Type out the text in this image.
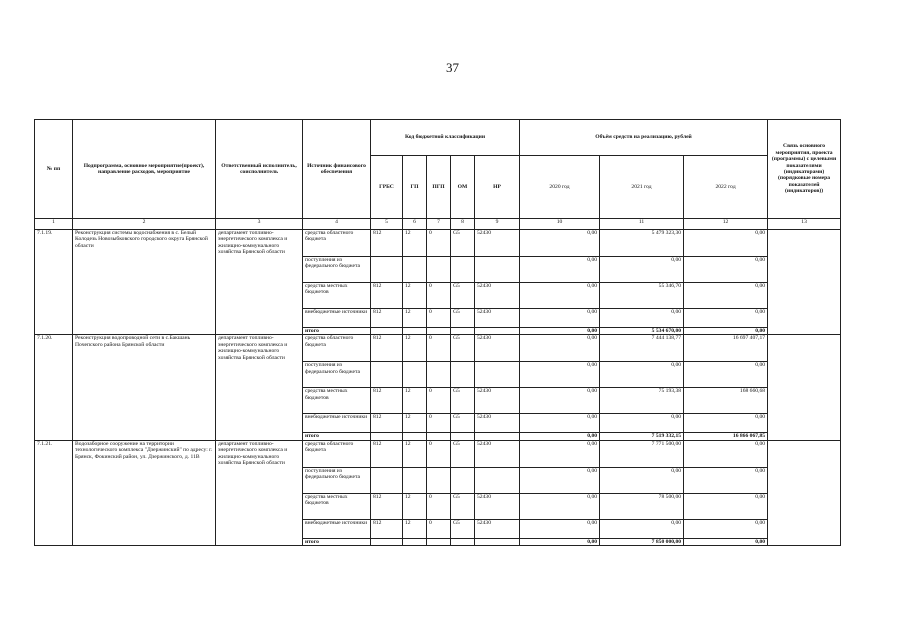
37
№ пп	Подпрограмма, основное мероприятие(проект), направление расходов, мероприятие	Ответственный исполнитель, соисполнитель	Источник финансового обеспечения	Код бюджетной классификации					Объём средств на реализацию, рублей			Связь основного мероприятия, проекта (программы) с целевыми показателями (индикаторами) (порядковые номера показателей (индикаторов))
				ГРБС	ГП	ПГП	ОМ	НР	2020 год	2021 год	2022 год	
1	2	3	4	5	6	7	8	9	10	11	12	13
7.1.19.	Реконструкция системы водоснабжения в с. Белый Колодезь Новозыбковского городского округа Брянской области	департамент топливно-энергетического комплекса и жилищно-коммунального хозяйства Брянской области	средства областного бюджета	812	12	0	G5	52430	0,00	5 479 323,30	0,00	
			поступления из федерального бюджета						0,00	0,00	0,00	
			средства местных бюджетов	812	12	0	G5	52430	0,00	55 346,70	0,00	
			внебюджетные источники	812	12	0	G5	52430	0,00	0,00	0,00	
			итого						0,00	5 534 670,00	0,00	
7.1.20.	Реконструкция водопроводной сети в с.Бакшань Почепского района Брянской области	департамент топливно-энергетического комплекса и жилищно-коммунального хозяйства Брянской области	средства областного бюджета	812	12	0	G5	52430	0,00	7 444 138,77	16 697 407,17	
			поступления из федерального бюджета						0,00	0,00	0,00	
			средства местных бюджетов	812	12	0	G5	52430	0,00	75 193,38	168 660,68	
			внебюджетные источники	812	12	0	G5	52430	0,00	0,00	0,00	
			итого						0,00	7 519 332,15	16 866 067,85	
7.1.21.	Водозаборное сооружение на территории технологического комплекса "Дзержинский" по адресу: г. Брянск, Фокинский район, ул. Дзержинского, д. 11В	департамент топливно-энергетического комплекса и жилищно-коммунального хозяйства Брянской области	средства областного бюджета	812	12	0	G5	52430	0,00	7 771 500,00	0,00	
			поступления из федерального бюджета						0,00	0,00	0,00	
			средства местных бюджетов	812	12	0	G5	52430	0,00	78 500,00	0,00	
			внебюджетные источники	812	12	0	G5	52430	0,00	0,00	0,00	
			итого						0,00	7 850 000,00	0,00	
